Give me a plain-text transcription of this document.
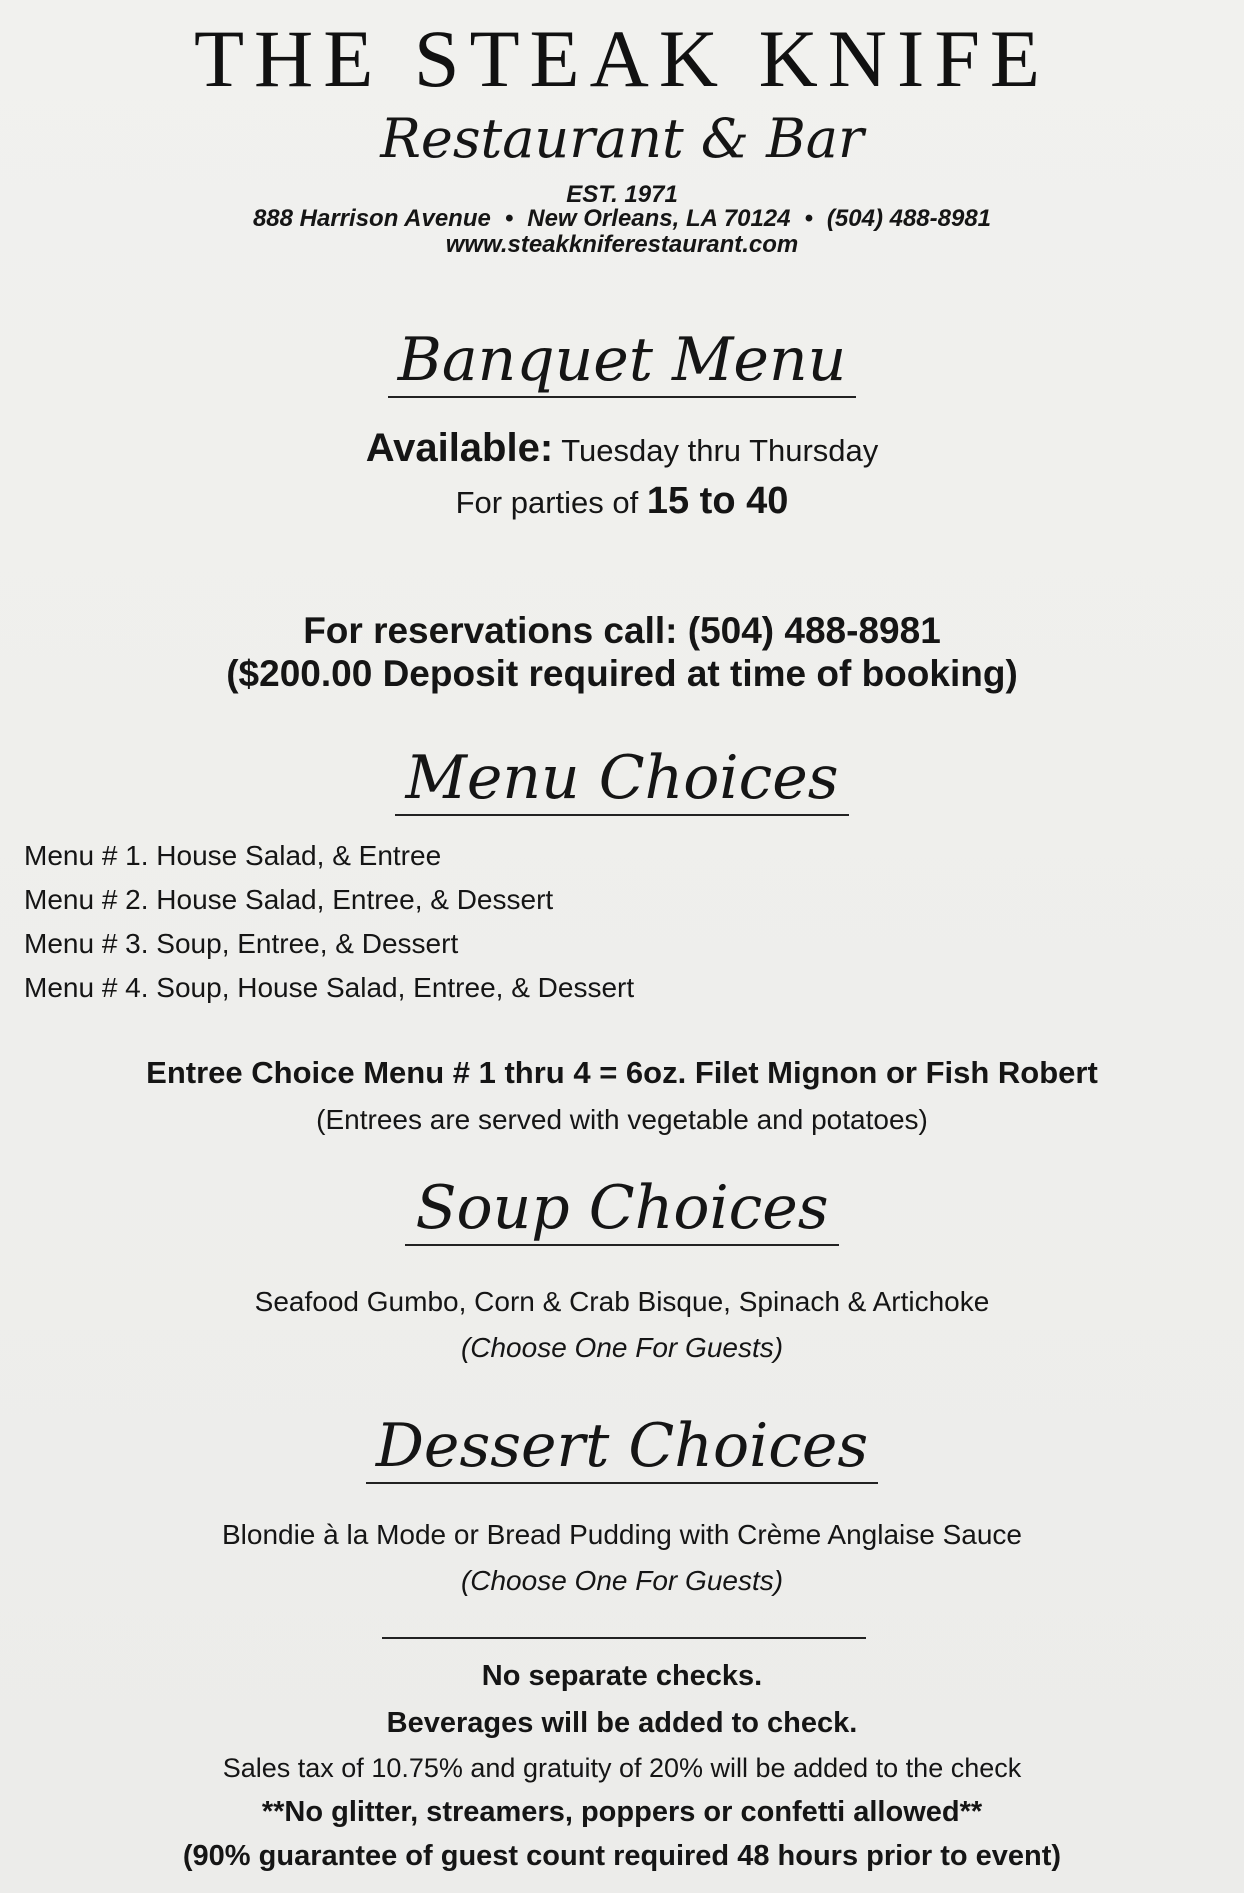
THE STEAK KNIFE
Restaurant & Bar
EST. 1971
888 Harrison Avenue • New Orleans, LA 70124 • (504) 488-8981
www.steakkniferestaurant.com
Banquet Menu
Available: Tuesday thru Thursday
For parties of 15 to 40
For reservations call: (504) 488-8981
($200.00 Deposit required at time of booking)
Menu Choices
Menu # 1. House Salad, & Entree
Menu # 2. House Salad, Entree, & Dessert
Menu # 3. Soup, Entree, & Dessert
Menu # 4. Soup, House Salad, Entree, & Dessert
Entree Choice Menu # 1 thru 4 = 6oz. Filet Mignon or Fish Robert
(Entrees are served with vegetable and potatoes)
Soup Choices
Seafood Gumbo, Corn & Crab Bisque, Spinach & Artichoke
(Choose One For Guests)
Dessert Choices
Blondie à la Mode or Bread Pudding with Crème Anglaise Sauce
(Choose One For Guests)
No separate checks.
Beverages will be added to check.
Sales tax of 10.75% and gratuity of 20% will be added to the check
**No glitter, streamers, poppers or confetti allowed**
(90% guarantee of guest count required 48 hours prior to event)
